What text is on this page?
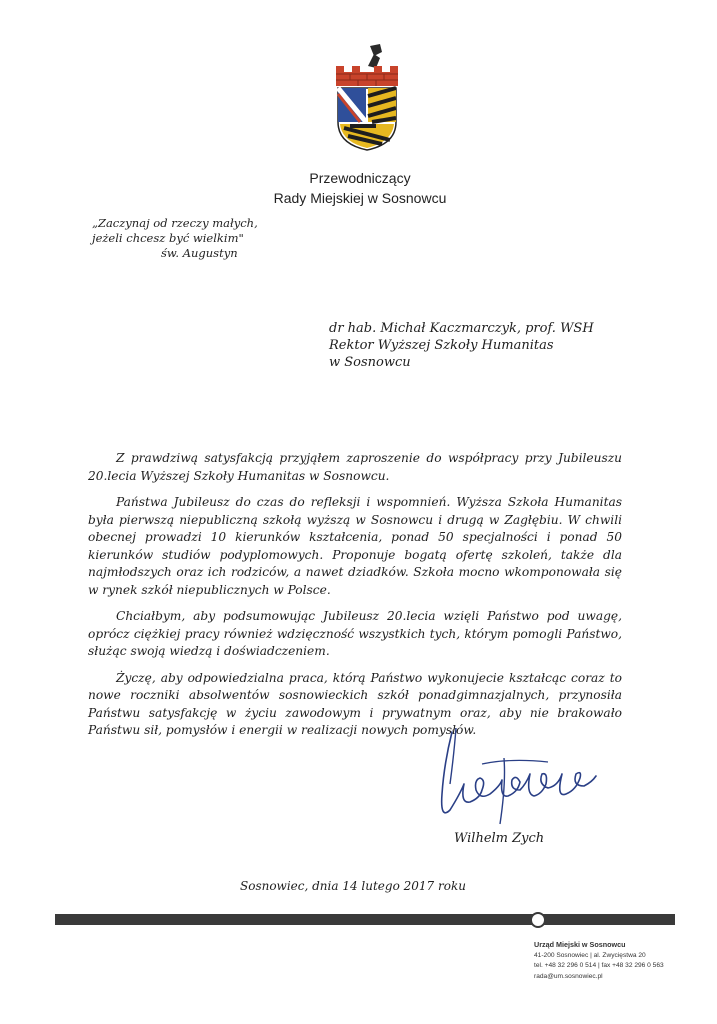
Przewodniczący
Rady Miejskiej w Sosnowcu
„Zaczynaj od rzeczy małych,
jeżeli chcesz być wielkim"
św. Augustyn
dr hab. Michał Kaczmarczyk, prof. WSH
Rektor Wyższej Szkoły Humanitas
w Sosnowcu

Z prawdziwą satysfakcją przyjąłem zaproszenie do współpracy przy Jubileuszu 20.lecia Wyższej Szkoły Humanitas w Sosnowcu.

Państwa Jubileusz do czas do refleksji i wspomnień. Wyższa Szkoła Humanitas była pierwszą niepubliczną szkołą wyższą w Sosnowcu i drugą w Zagłębiu. W chwili obecnej prowadzi 10 kierunków kształcenia, ponad 50 specjalności i ponad 50 kierunków studiów podyplomowych. Proponuje bogatą ofertę szkoleń, także dla najmłodszych oraz ich rodziców, a nawet dziadków. Szkoła mocno wkomponowała się w rynek szkół niepublicznych w Polsce.

Chciałbym, aby podsumowując Jubileusz 20.lecia wzięli Państwo pod uwagę, oprócz ciężkiej pracy również wdzięczność wszystkich tych, którym pomogli Państwo, służąc swoją wiedzą i doświadczeniem.

Życzę, aby odpowiedzialna praca, którą Państwo wykonujecie kształcąc coraz to nowe roczniki absolwentów sosnowieckich szkół ponadgimnazjalnych, przynosiła Państwu satysfakcję w życiu zawodowym i prywatnym oraz, aby nie brakowało Państwu sił, pomysłów i energii w realizacji nowych pomysłów.

Wilhelm Zych
Sosnowiec, dnia 14 lutego 2017 roku
Urząd Miejski w Sosnowcu
41-200 Sosnowiec | al. Zwycięstwa 20
tel. +48 32 296 0 514 | fax +48 32 296 0 563
rada@um.sosnowiec.pl
